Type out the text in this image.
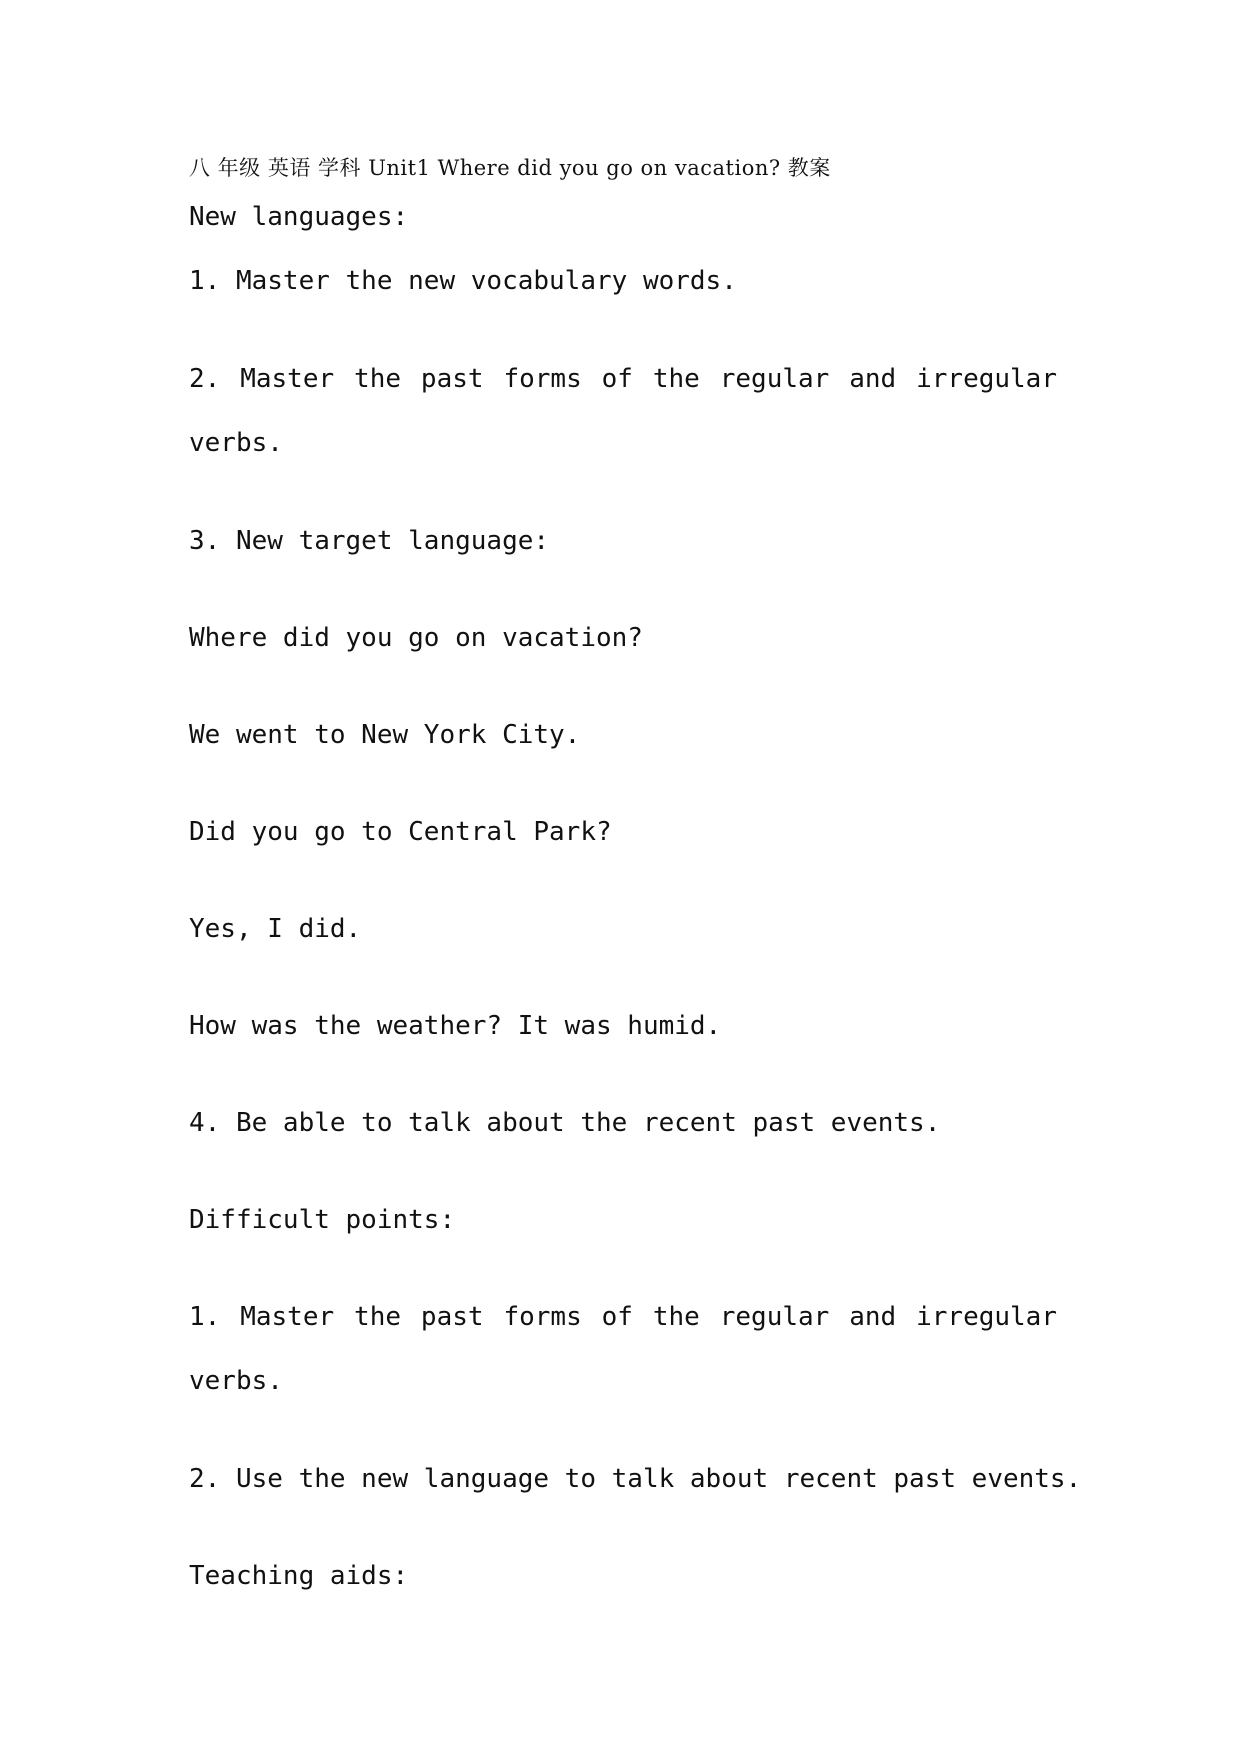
八 年级 英语 学科 Unit1 Where did you go on vacation? 教案
New languages:
1. Master the new vocabulary words.
2. Master the past forms of the regular and irregular
verbs.
3. New target language:
Where did you go on vacation?
We went to New York City.
Did you go to Central Park?
Yes, I did.
How was the weather? It was humid.
4. Be able to talk about the recent past events.
Difficult points:
1. Master the past forms of the regular and irregular
verbs.
2. Use the new language to talk about recent past events.
Teaching aids:
